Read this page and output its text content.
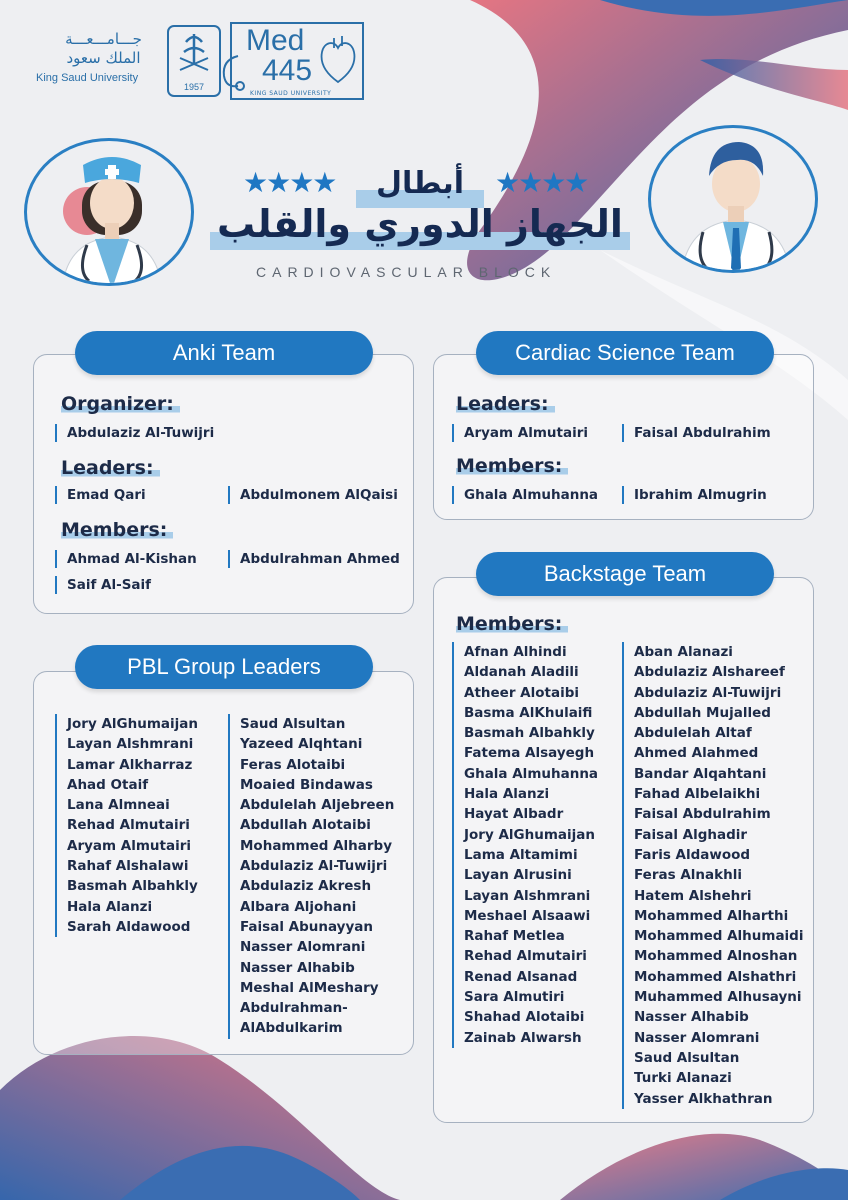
جـــامـــعـــة
الملك سعود
King Saud University
1957
Med
445
KING SAUD UNIVERSITY
★★★★	★★★★
أبطال
الجهاز الدوري والقلب
CARDIOVASCULAR BLOCK
Anki Team
Organizer:
Abdulaziz Al-Tuwijri
Leaders:
Emad Qari	Abdulmonem AlQaisi
Members:
Ahmad Al-Kishan	Abdulrahman Ahmed
Saif Al-Saif
Cardiac Science Team
Leaders:
Aryam Almutairi	Faisal Abdulrahim
Members:
Ghala Almuhanna	Ibrahim Almugrin
PBL Group Leaders
Jory AlGhumaijan
Layan Alshmrani
Lamar Alkharraz
Ahad Otaif
Lana Almneai
Rehad Almutairi
Aryam Almutairi
Rahaf Alshalawi
Basmah Albahkly
Hala Alanzi
Sarah Aldawood
Saud Alsultan
Yazeed Alqhtani
Feras Alotaibi
Moaied Bindawas
Abdulelah Aljebreen
Abdullah Alotaibi
Mohammed Alharby
Abdulaziz Al-Tuwijri
Abdulaziz Akresh
Albara Aljohani
Faisal Abunayyan
Nasser Alomrani
Nasser Alhabib
Meshal AlMeshary
Abdulrahman-
AlAbdulkarim
Backstage Team
Members:
Afnan Alhindi
Aldanah Aladili
Atheer Alotaibi
Basma AlKhulaifi
Basmah Albahkly
Fatema Alsayegh
Ghala Almuhanna
Hala Alanzi
Hayat Albadr
Jory AlGhumaijan
Lama Altamimi
Layan Alrusini
Layan Alshmrani
Meshael Alsaawi
Rahaf Metlea
Rehad Almutairi
Renad Alsanad
Sara Almutiri
Shahad Alotaibi
Zainab Alwarsh
Aban Alanazi
Abdulaziz Alshareef
Abdulaziz Al-Tuwijri
Abdullah Mujalled
Abdulelah Altaf
Ahmed Alahmed
Bandar Alqahtani
Fahad Albelaikhi
Faisal Abdulrahim
Faisal Alghadir
Faris Aldawood
Feras Alnakhli
Hatem Alshehri
Mohammed Alharthi
Mohammed Alhumaidi
Mohammed Alnoshan
Mohammed Alshathri
Muhammed Alhusayni
Nasser Alhabib
Nasser Alomrani
Saud Alsultan
Turki Alanazi
Yasser Alkhathran
